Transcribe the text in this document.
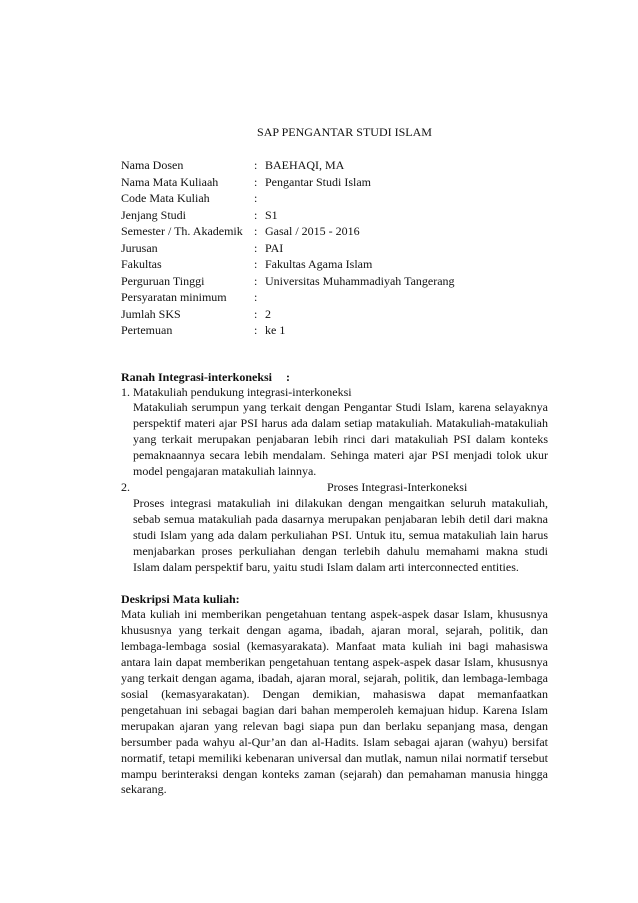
SAP PENGANTAR STUDI ISLAM
Nama Dosen	:	BAEHAQI, MA
Nama Mata Kuliaah	:	Pengantar Studi Islam
Code Mata Kuliah	:	
Jenjang Studi	:	S1
Semester / Th. Akademik	:	Gasal / 2015 - 2016
Jurusan	:	PAI
Fakultas	:	Fakultas Agama Islam
Perguruan Tinggi	:	Universitas Muhammadiyah Tangerang
Persyaratan minimum	:	
Jumlah SKS	:	2
Pertemuan	:	ke 1
Ranah Integrasi-interkoneksi :
1. Matakuliah pendukung integrasi-interkoneksi
Matakuliah serumpun yang terkait dengan Pengantar Studi Islam, karena selayaknya perspektif materi ajar PSI harus ada dalam setiap matakuliah. Matakuliah-matakuliah yang terkait merupakan penjabaran lebih rinci dari matakuliah PSI dalam konteks pemaknaannya secara lebih mendalam. Sehinga materi ajar PSI menjadi tolok ukur model pengajaran matakuliah lainnya.
2.	Proses Integrasi-Interkoneksi
Proses integrasi matakuliah ini dilakukan dengan mengaitkan seluruh matakuliah, sebab semua matakuliah pada dasarnya merupakan penjabaran lebih detil dari makna studi Islam yang ada dalam perkuliahan PSI. Untuk itu, semua matakuliah lain harus menjabarkan proses perkuliahan dengan terlebih dahulu memahami makna studi Islam dalam perspektif baru, yaitu studi Islam dalam arti interconnected entities.
Deskripsi Mata kuliah:
Mata kuliah ini memberikan pengetahuan tentang aspek-aspek dasar Islam, khususnya khususnya yang terkait dengan agama, ibadah, ajaran moral, sejarah, politik, dan lembaga-lembaga sosial (kemasyarakata). Manfaat mata kuliah ini bagi mahasiswa antara lain dapat memberikan pengetahuan tentang aspek-aspek dasar Islam, khususnya yang terkait dengan agama, ibadah, ajaran moral, sejarah, politik, dan lembaga-lembaga sosial (kemasyarakatan). Dengan demikian, mahasiswa dapat memanfaatkan pengetahuan ini sebagai bagian dari bahan memperoleh kemajuan hidup. Karena Islam merupakan ajaran yang relevan bagi siapa pun dan berlaku sepanjang masa, dengan bersumber pada wahyu al-Qur’an dan al-Hadits. Islam sebagai ajaran (wahyu) bersifat normatif, tetapi memiliki kebenaran universal dan mutlak, namun nilai normatif tersebut mampu berinteraksi dengan konteks zaman (sejarah) dan pemahaman manusia hingga sekarang.
